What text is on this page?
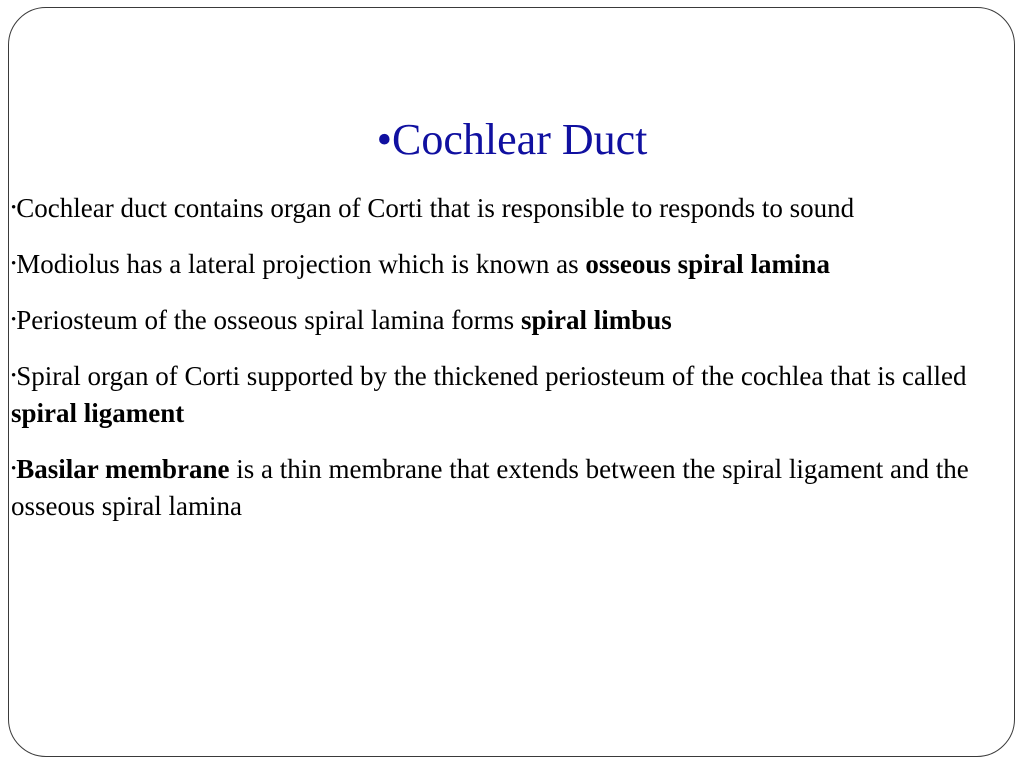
•Cochlear Duct
•Cochlear duct contains organ of Corti that is responsible to responds to sound
•Modiolus has a lateral projection which is known as osseous spiral lamina
•Periosteum of the osseous spiral lamina forms spiral limbus
•Spiral organ of Corti supported by the thickened periosteum of the cochlea that is called spiral ligament
•Basilar membrane is a thin membrane that extends between the spiral ligament and the osseous spiral lamina
